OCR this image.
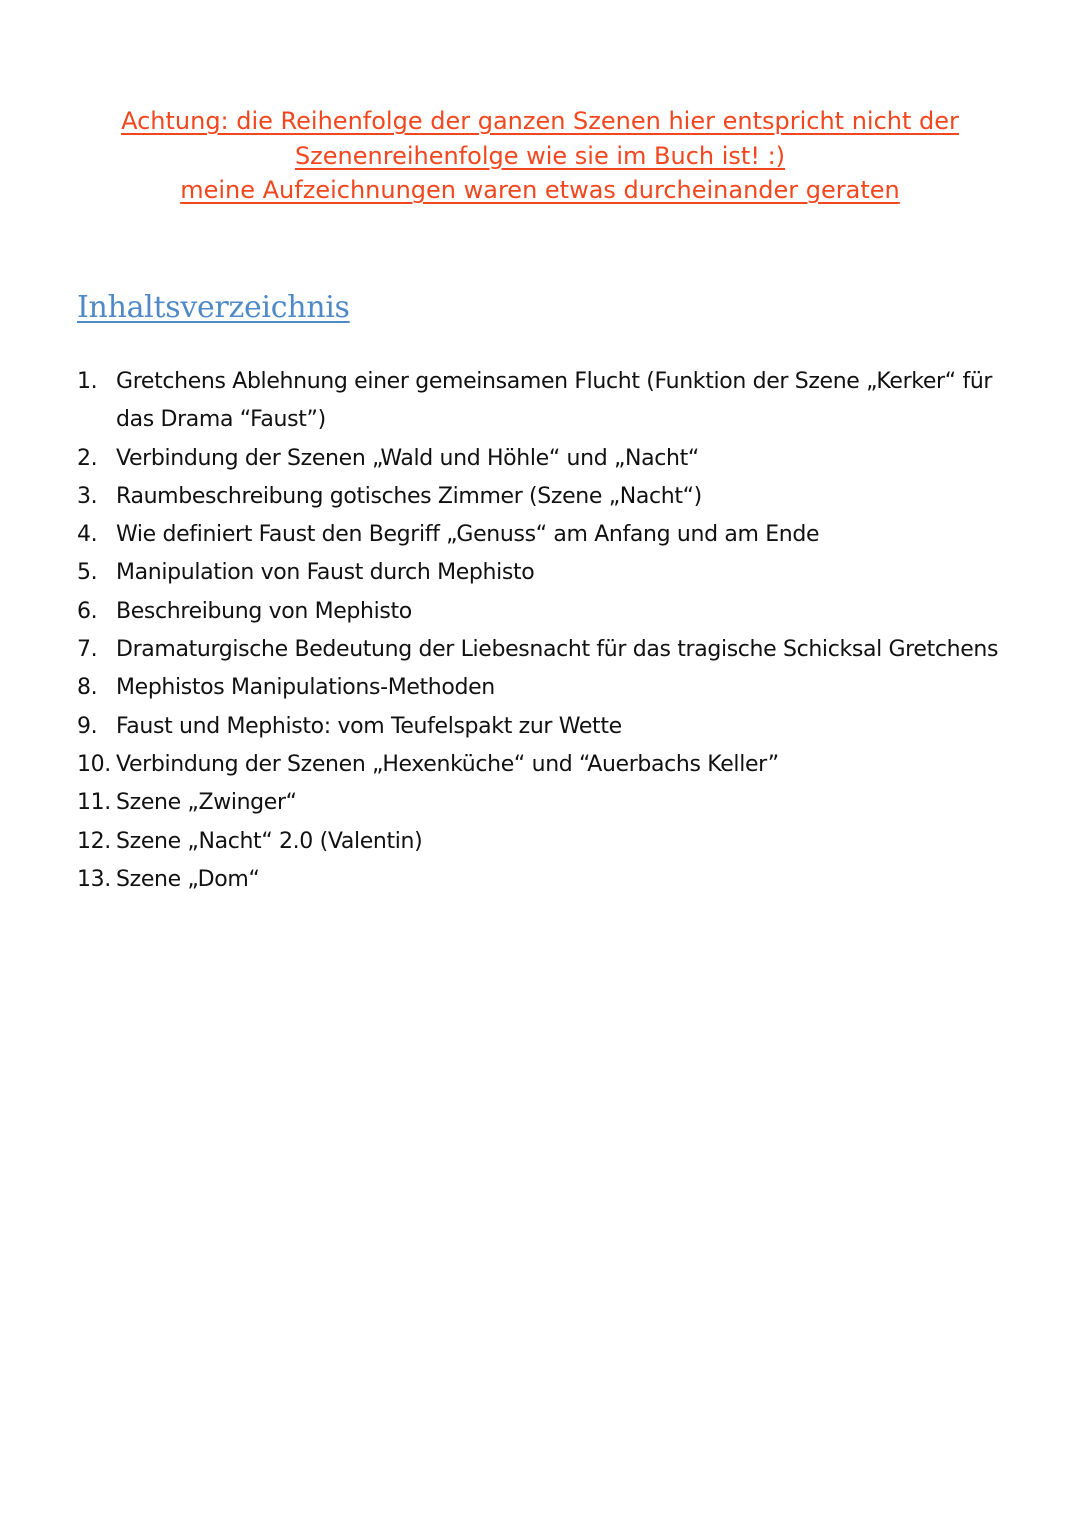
Achtung: die Reihenfolge der ganzen Szenen hier entspricht nicht der
Szenenreihenfolge wie sie im Buch ist! :)
meine Aufzeichnungen waren etwas durcheinander geraten
Inhaltsverzeichnis
1. Gretchens Ablehnung einer gemeinsamen Flucht (Funktion der Szene „Kerker“ für das Drama “Faust”)
2. Verbindung der Szenen „Wald und Höhle“ und „Nacht“
3. Raumbeschreibung gotisches Zimmer (Szene „Nacht“)
4. Wie definiert Faust den Begriff „Genuss“ am Anfang und am Ende
5. Manipulation von Faust durch Mephisto
6. Beschreibung von Mephisto
7. Dramaturgische Bedeutung der Liebesnacht für das tragische Schicksal Gretchens
8. Mephistos Manipulations-Methoden
9. Faust und Mephisto: vom Teufelspakt zur Wette
10. Verbindung der Szenen „Hexenküche“ und “Auerbachs Keller”
11. Szene „Zwinger“
12. Szene „Nacht“ 2.0 (Valentin)
13. Szene „Dom“
